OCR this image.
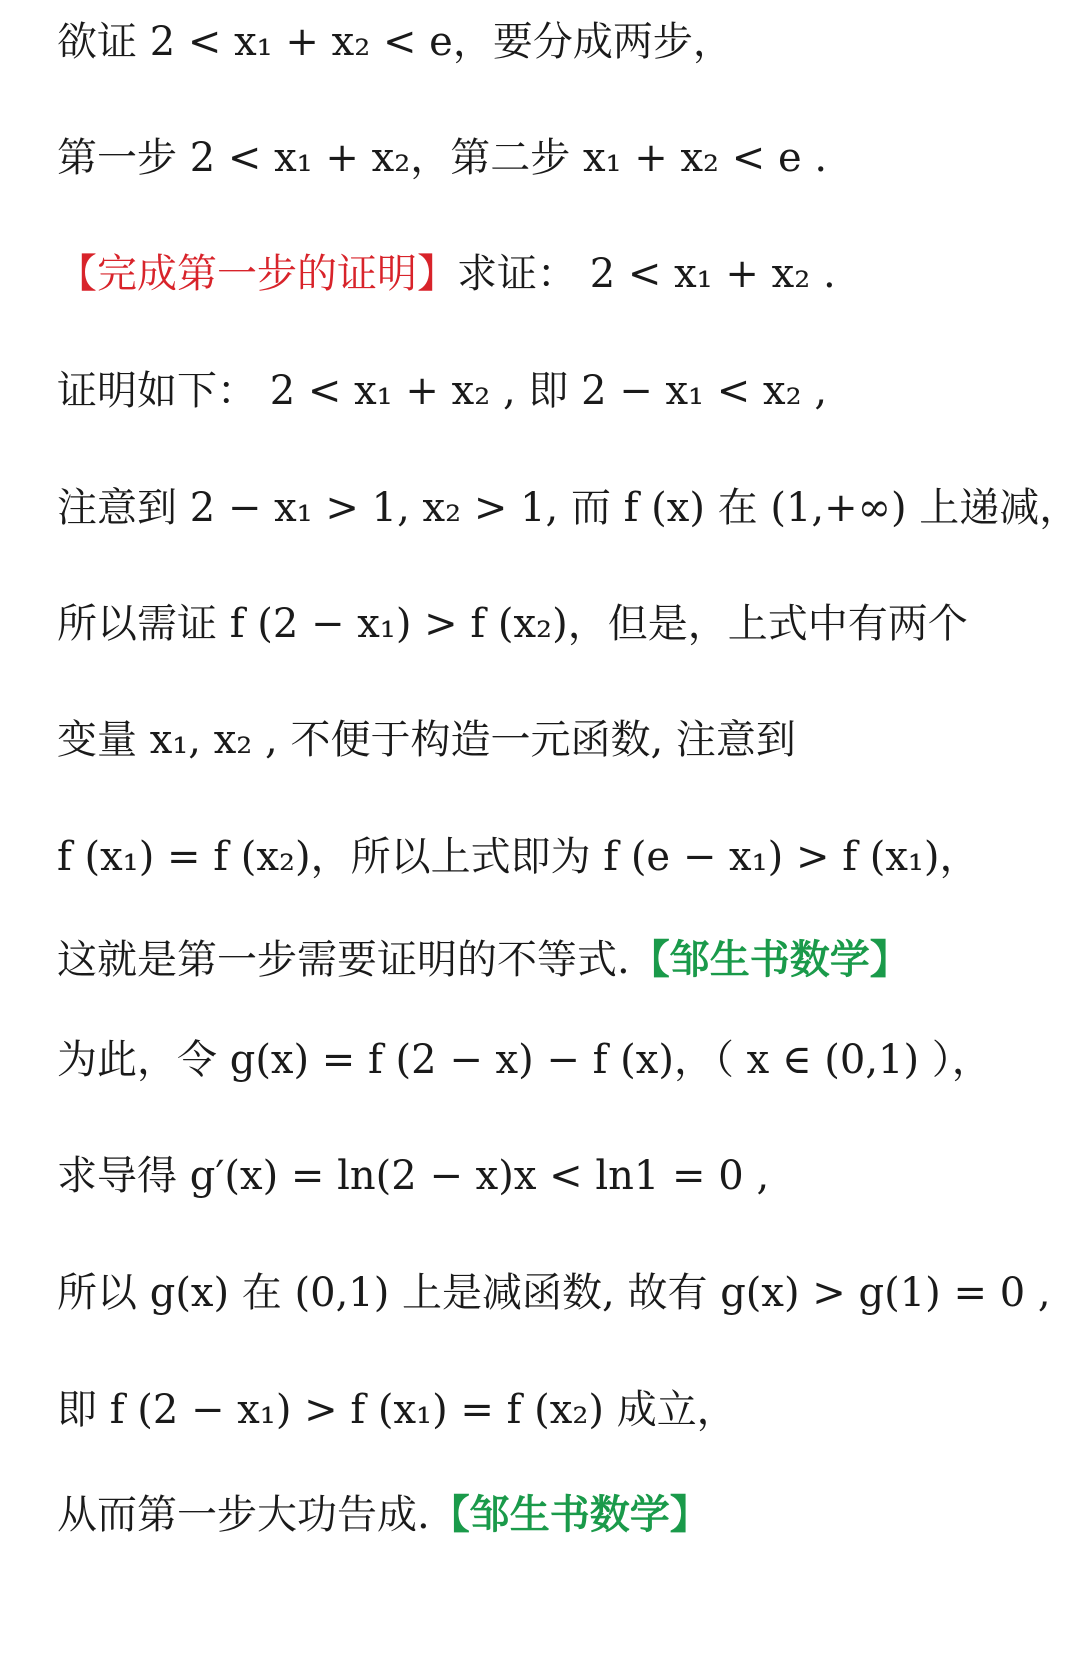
欲证 2 < x₁ + x₂ < e，要分成两步，
第一步 2 < x₁ + x₂，第二步 x₁ + x₂ < e .
【完成第一步的证明】求证： 2 < x₁ + x₂ .
证明如下： 2 < x₁ + x₂ , 即 2 − x₁ < x₂ ,
注意到 2 − x₁ > 1, x₂ > 1, 而 f (x) 在 (1,+∞) 上递减，
所以需证 f (2 − x₁) > f (x₂)，但是，上式中有两个
变量 x₁, x₂ , 不便于构造一元函数, 注意到
f (x₁) = f (x₂)，所以上式即为 f (e − x₁) > f (x₁)，
这就是第一步需要证明的不等式.【邹生书数学】
为此，令 g(x) = f (2 − x) − f (x)，（ x ∈ (0,1) ），
求导得 g′(x) = ln(2 − x)x < ln1 = 0 ,
所以 g(x) 在 (0,1) 上是减函数, 故有 g(x) > g(1) = 0 ,
即 f (2 − x₁) > f (x₁) = f (x₂) 成立，
从而第一步大功告成.【邹生书数学】
